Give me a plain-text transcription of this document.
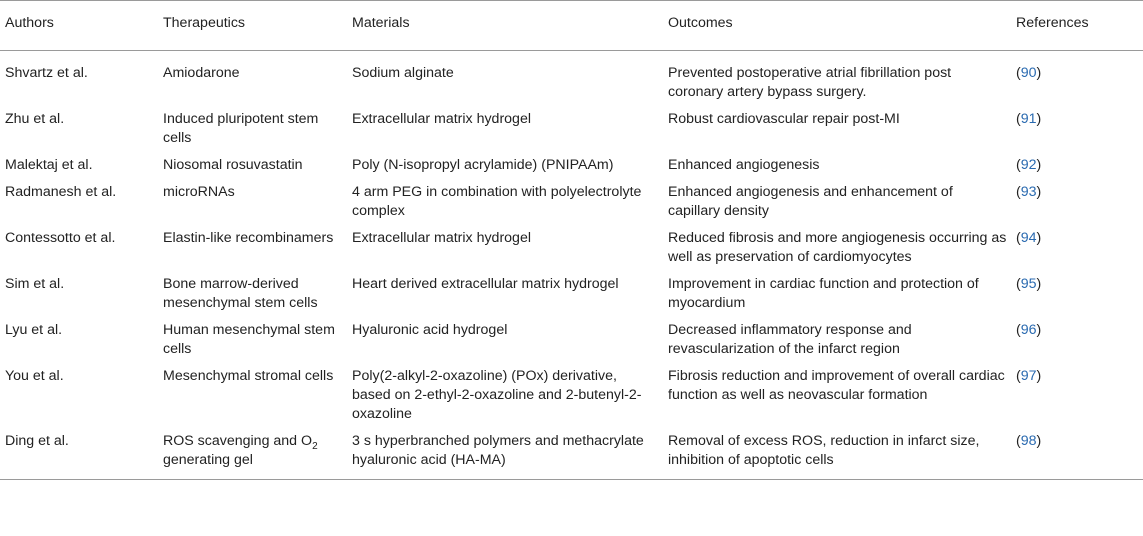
Authors	Therapeutics	Materials	Outcomes	References
Shvartz et al.	Amiodarone	Sodium alginate	Prevented postoperative atrial fibrillation post coronary artery bypass surgery.	(90)
Zhu et al.	Induced pluripotent stem cells	Extracellular matrix hydrogel	Robust cardiovascular repair post-MI	(91)
Malektaj et al.	Niosomal rosuvastatin	Poly (N-isopropyl acrylamide) (PNIPAAm)	Enhanced angiogenesis	(92)
Radmanesh et al.	microRNAs	4 arm PEG in combination with polyelectrolyte complex	Enhanced angiogenesis and enhancement of capillary density	(93)
Contessotto et al.	Elastin-like recombinamers	Extracellular matrix hydrogel	Reduced fibrosis and more angiogenesis occurring as well as preservation of cardiomyocytes	(94)
Sim et al.	Bone marrow-derived mesenchymal stem cells	Heart derived extracellular matrix hydrogel	Improvement in cardiac function and protection of myocardium	(95)
Lyu et al.	Human mesenchymal stem cells	Hyaluronic acid hydrogel	Decreased inflammatory response and revascularization of the infarct region	(96)
You et al.	Mesenchymal stromal cells	Poly(2-alkyl-2-oxazoline) (POx) derivative, based on 2-ethyl-2-oxazoline and 2-butenyl-2-oxazoline	Fibrosis reduction and improvement of overall cardiac function as well as neovascular formation	(97)
Ding et al.	ROS scavenging and $O_2$ generating gel	3 s hyperbranched polymers and methacrylate hyaluronic acid (HA-MA)	Removal of excess ROS, reduction in infarct size, inhibition of apoptotic cells	(98)
